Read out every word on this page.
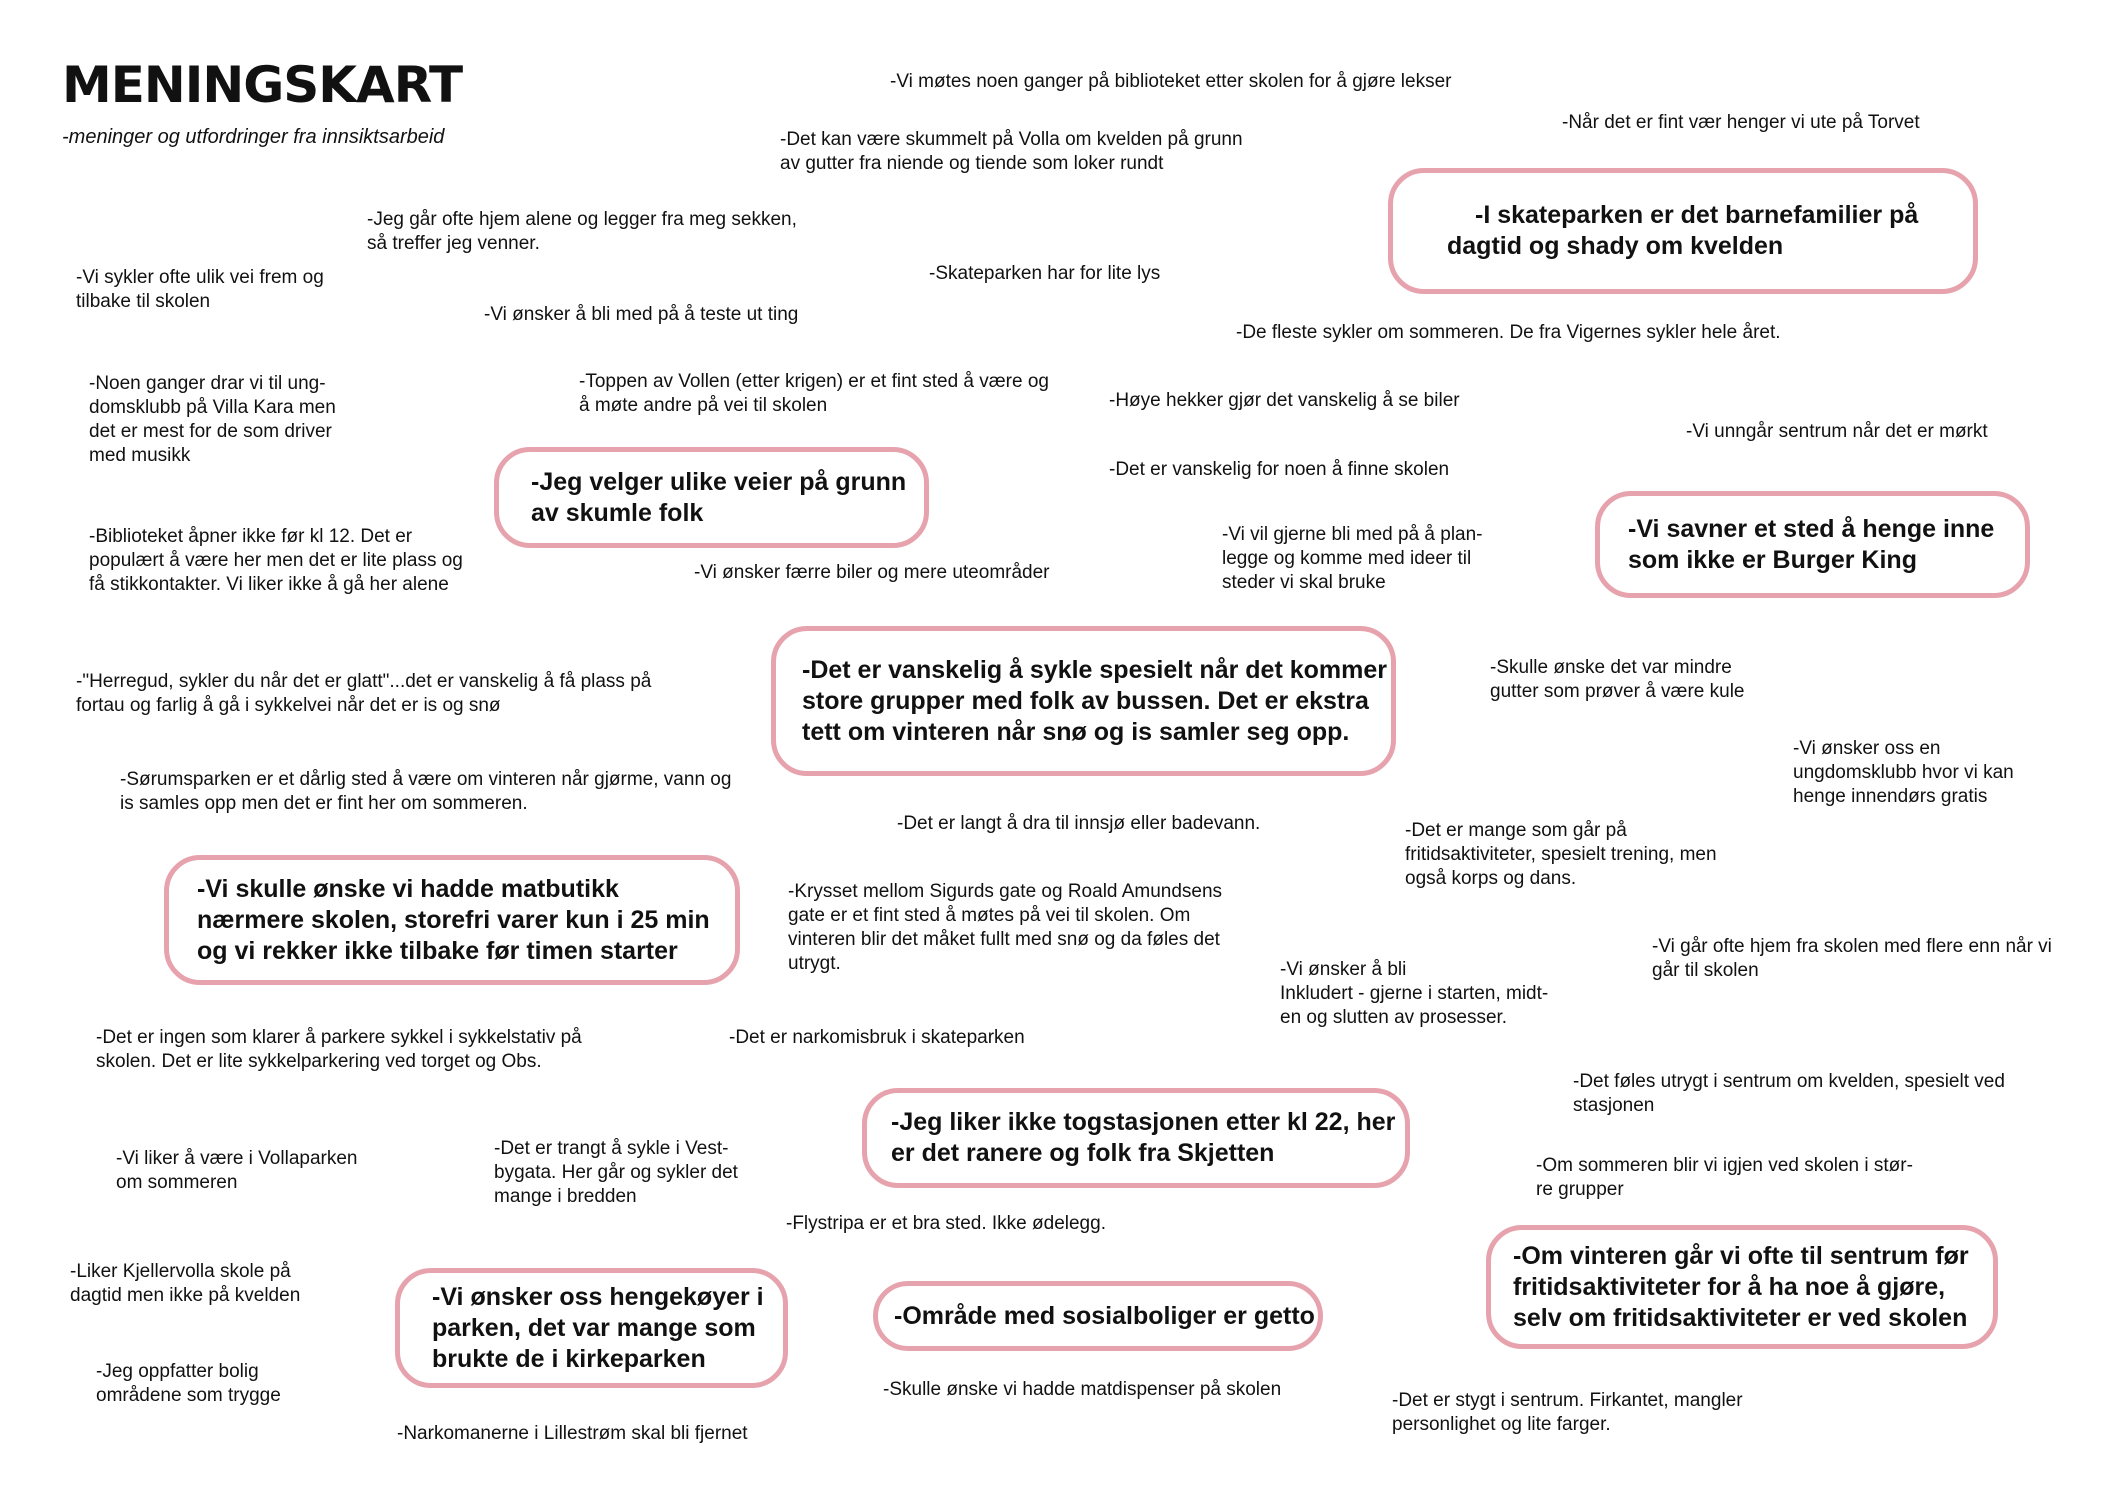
MENINGSKART

-meninger og utfordringer fra innsiktsarbeid

-I skateparken er det barnefamilier på
dagtid og shady om kvelden

-Jeg velger ulike veier på grunn
av skumle folk

-Vi savner et sted å henge inne
som ikke er Burger King

-Det er vanskelig å sykle spesielt når det kommer
store grupper med folk av bussen. Det er ekstra
tett om vinteren når snø og is samler seg opp.

-Vi skulle ønske vi hadde matbutikk
nærmere skolen, storefri varer kun i 25 min
og vi rekker ikke tilbake før timen starter

-Jeg liker ikke togstasjonen etter kl 22, her
er det ranere og folk fra Skjetten

-Vi ønsker oss hengekøyer i
parken, det var mange som
brukte de i kirkeparken

-Område med sosialboliger er getto

-Om vinteren går vi ofte til sentrum før
fritidsaktiviteter for å ha noe å gjøre,
selv om fritidsaktiviteter er ved skolen

-Vi møtes noen ganger på biblioteket etter skolen for å gjøre lekser

-Når det er fint vær henger vi ute på Torvet

-Det kan være skummelt på Volla om kvelden på grunn
av gutter fra niende og tiende som loker rundt

-Jeg går ofte hjem alene og legger fra meg sekken,
så treffer jeg venner.

-Vi sykler ofte ulik vei frem og
tilbake til skolen

-Skateparken har for lite lys

-Vi ønsker å bli med på å teste ut ting

-De fleste sykler om sommeren. De fra Vigernes sykler hele året.

-Noen ganger drar vi til ung-
domsklubb på Villa Kara men
det er mest for de som driver
med musikk

-Toppen av Vollen (etter krigen) er et fint sted å være og
å møte andre på vei til skolen	-Høye hekker gjør det vanskelig å se biler

-Vi unngår sentrum når det er mørkt

-Det er vanskelig for noen å finne skolen

-Biblioteket åpner ikke før kl 12. Det er
populært å være her men det er lite plass og
få stikkontakter. Vi liker ikke å gå her alene

-Vi vil gjerne bli med på å plan-
legge og komme med ideer til
steder vi skal bruke

-Vi ønsker færre biler og mere uteområder

-"Herregud, sykler du når det er glatt"...det er vanskelig å få plass på
fortau og farlig å gå i sykkelvei når det er is og snø

-Skulle ønske det var mindre
gutter som prøver å være kule

-Sørumsparken er et dårlig sted å være om vinteren når gjørme, vann og
is samles opp men det er fint her om sommeren.

-Vi ønsker oss en
ungdomsklubb hvor vi kan
henge innendørs gratis

-Det er langt å dra til innsjø eller badevann.	-Det er mange som går på
fritidsaktiviteter, spesielt trening, men
også korps og dans.

-Krysset mellom Sigurds gate og Roald Amundsens
gate er et fint sted å møtes på vei til skolen. Om
vinteren blir det måket fullt med snø og da føles det
utrygt.

-Vi går ofte hjem fra skolen med flere enn når vi
går til skolen

-Vi ønsker å bli
Inkludert - gjerne i starten, midt-
en og slutten av prosesser.

-Det er ingen som klarer å parkere sykkel i sykkelstativ på
skolen. Det er lite sykkelparkering ved torget og Obs.

-Det er narkomisbruk i skateparken

-Det føles utrygt i sentrum om kvelden, spesielt ved
stasjonen

-Vi liker å være i Vollaparken
om sommeren

-Det er trangt å sykle i Vest-
bygata. Her går og sykler det
mange i bredden

-Om sommeren blir vi igjen ved skolen i stør-
re grupper

-Flystripa er et bra sted. Ikke ødelegg.

-Liker Kjellervolla skole på
dagtid men ikke på kvelden

-Jeg oppfatter bolig
områdene som trygge	-Skulle ønske vi hadde matdispenser på skolen

-Det er stygt i sentrum. Firkantet, mangler
personlighet og lite farger.

-Narkomanerne i Lillestrøm skal bli fjernet
